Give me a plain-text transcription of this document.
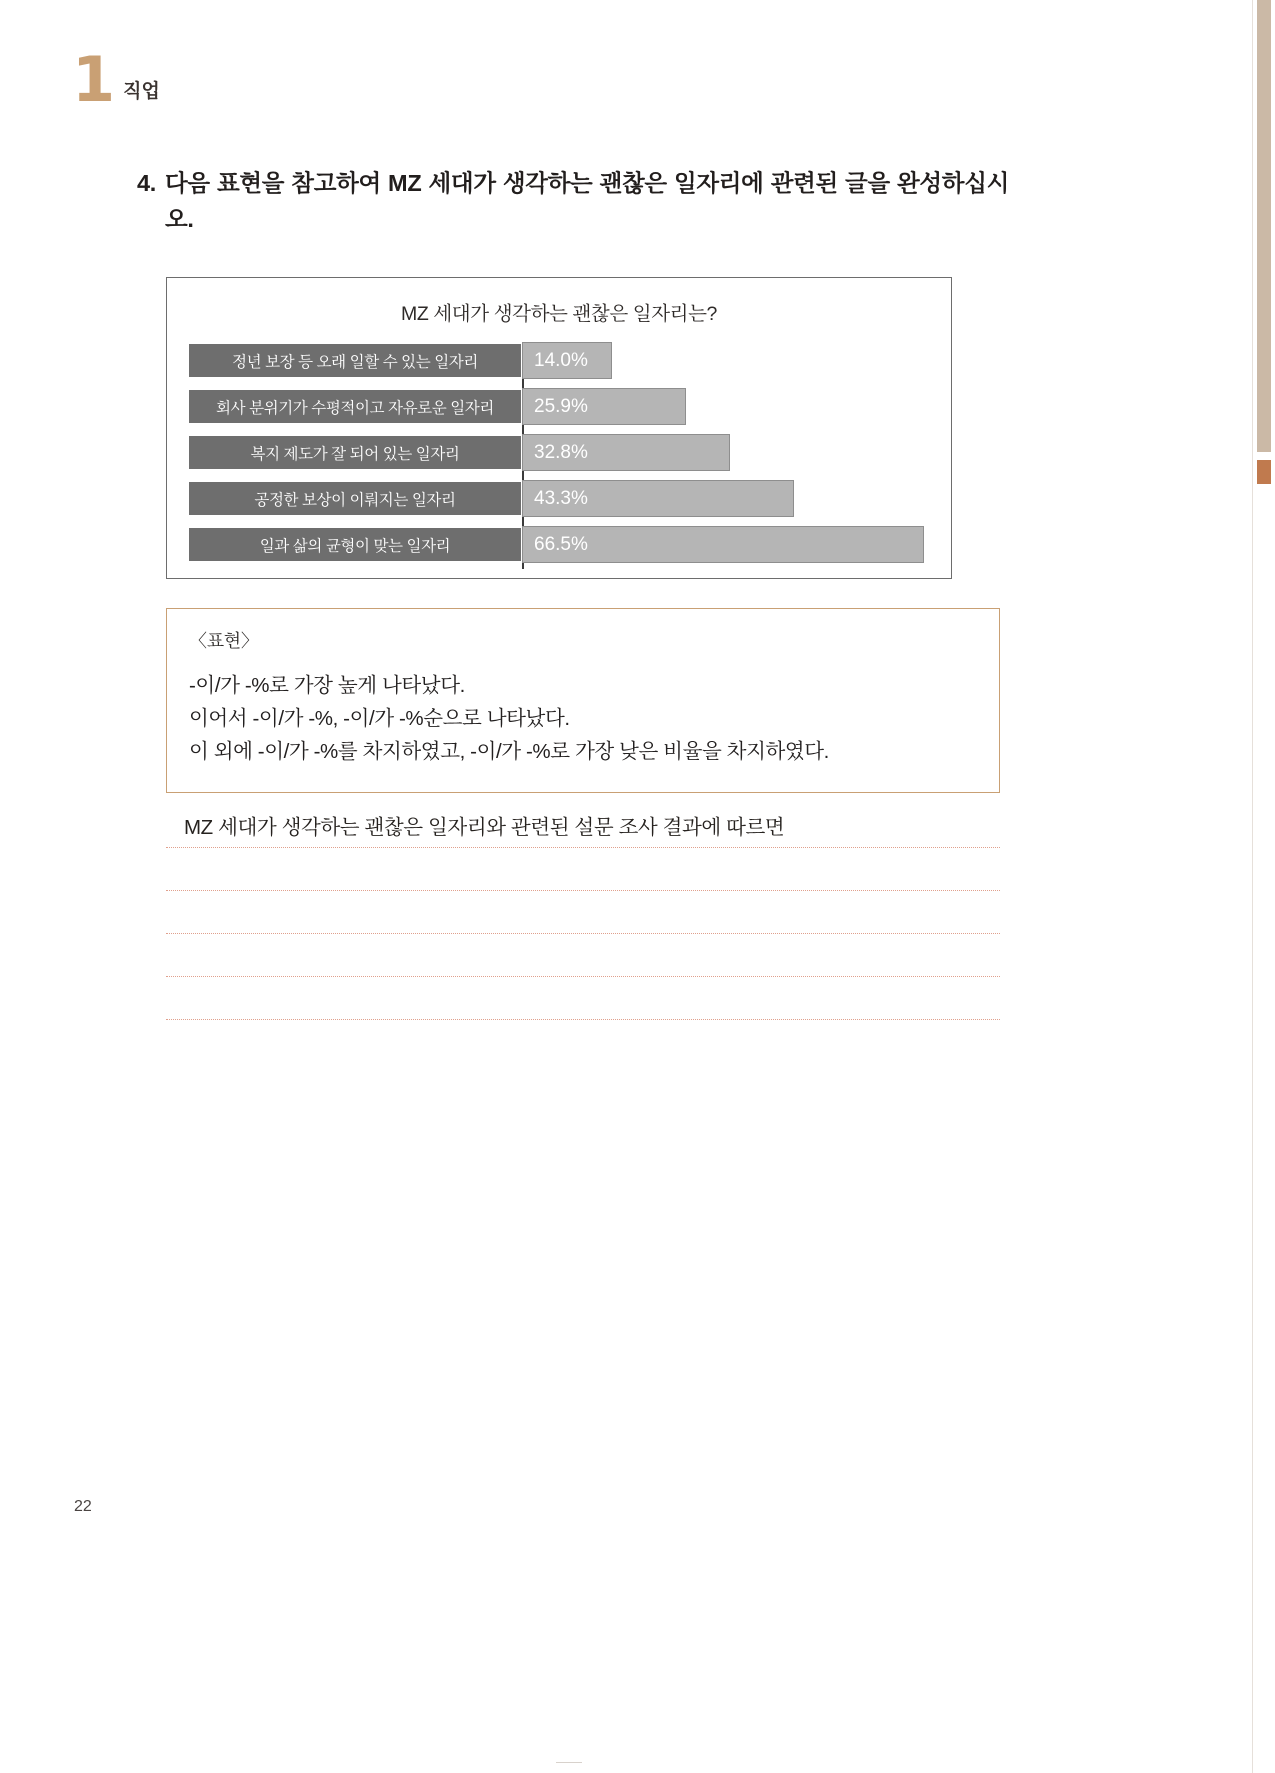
1 직업
4. 다음 표현을 참고하여 MZ 세대가 생각하는 괜찮은 일자리에 관련된 글을 완성하십시오.
MZ 세대가 생각하는 괜찮은 일자리는?
정년 보장 등 오래 일할 수 있는 일자리	14.0%
회사 분위기가 수평적이고 자유로운 일자리	25.9%
복지 제도가 잘 되어 있는 일자리	32.8%
공정한 보상이 이뤄지는 일자리	43.3%
일과 삶의 균형이 맞는 일자리	66.5%
〈표현〉
-이/가 -%로 가장 높게 나타났다.
이어서 -이/가 -%, -이/가 -%순으로 나타났다.
이 외에 -이/가 -%를 차지하였고, -이/가 -%로 가장 낮은 비율을 차지하였다.
MZ 세대가 생각하는 괜찮은 일자리와 관련된 설문 조사 결과에 따르면
22
